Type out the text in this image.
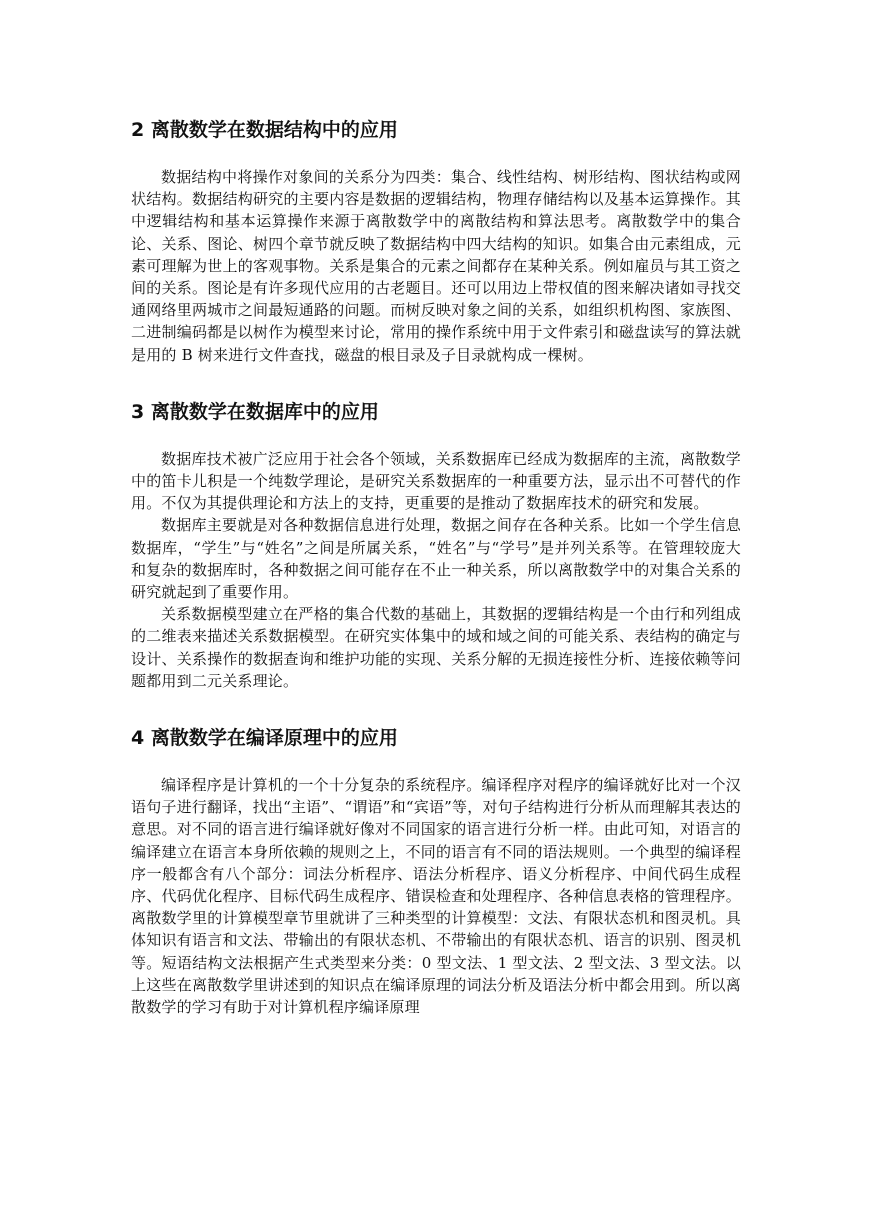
2 离散数学在数据结构中的应用

数据结构中将操作对象间的关系分为四类：集合、线性结构、树形结构、图状结构或网状结构。数据结构研究的主要内容是数据的逻辑结构，物理存储结构以及基本运算操作。其中逻辑结构和基本运算操作来源于离散数学中的离散结构和算法思考。离散数学中的集合论、关系、图论、树四个章节就反映了数据结构中四大结构的知识。如集合由元素组成，元素可理解为世上的客观事物。关系是集合的元素之间都存在某种关系。例如雇员与其工资之间的关系。图论是有许多现代应用的古老题目。还可以用边上带权值的图来解决诸如寻找交通网络里两城市之间最短通路的问题。而树反映对象之间的关系，如组织机构图、家族图、二进制编码都是以树作为模型来讨论，常用的操作系统中用于文件索引和磁盘读写的算法就是用的 B 树来进行文件查找，磁盘的根目录及子目录就构成一棵树。

3 离散数学在数据库中的应用

数据库技术被广泛应用于社会各个领域，关系数据库已经成为数据库的主流，离散数学中的笛卡儿积是一个纯数学理论，是研究关系数据库的一种重要方法，显示出不可替代的作用。不仅为其提供理论和方法上的支持，更重要的是推动了数据库技术的研究和发展。

数据库主要就是对各种数据信息进行处理，数据之间存在各种关系。比如一个学生信息数据库，“学生”与“姓名”之间是所属关系，“姓名”与“学号”是并列关系等。在管理较庞大和复杂的数据库时，各种数据之间可能存在不止一种关系，所以离散数学中的对集合关系的研究就起到了重要作用。

关系数据模型建立在严格的集合代数的基础上，其数据的逻辑结构是一个由行和列组成的二维表来描述关系数据模型。在研究实体集中的域和域之间的可能关系、表结构的确定与设计、关系操作的数据查询和维护功能的实现、关系分解的无损连接性分析、连接依赖等问题都用到二元关系理论。

4 离散数学在编译原理中的应用

编译程序是计算机的一个十分复杂的系统程序。编译程序对程序的编译就好比对一个汉语句子进行翻译，找出“主语”、“谓语”和“宾语”等，对句子结构进行分析从而理解其表达的意思。对不同的语言进行编译就好像对不同国家的语言进行分析一样。由此可知，对语言的编译建立在语言本身所依赖的规则之上，不同的语言有不同的语法规则。一个典型的编译程序一般都含有八个部分：词法分析程序、语法分析程序、语义分析程序、中间代码生成程序、代码优化程序、目标代码生成程序、错误检查和处理程序、各种信息表格的管理程序。离散数学里的计算模型章节里就讲了三种类型的计算模型：文法、有限状态机和图灵机。具体知识有语言和文法、带输出的有限状态机、不带输出的有限状态机、语言的识别、图灵机等。短语结构文法根据产生式类型来分类：0 型文法、1 型文法、2 型文法、3 型文法。以上这些在离散数学里讲述到的知识点在编译原理的词法分析及语法分析中都会用到。所以离散数学的学习有助于对计算机程序编译原理
